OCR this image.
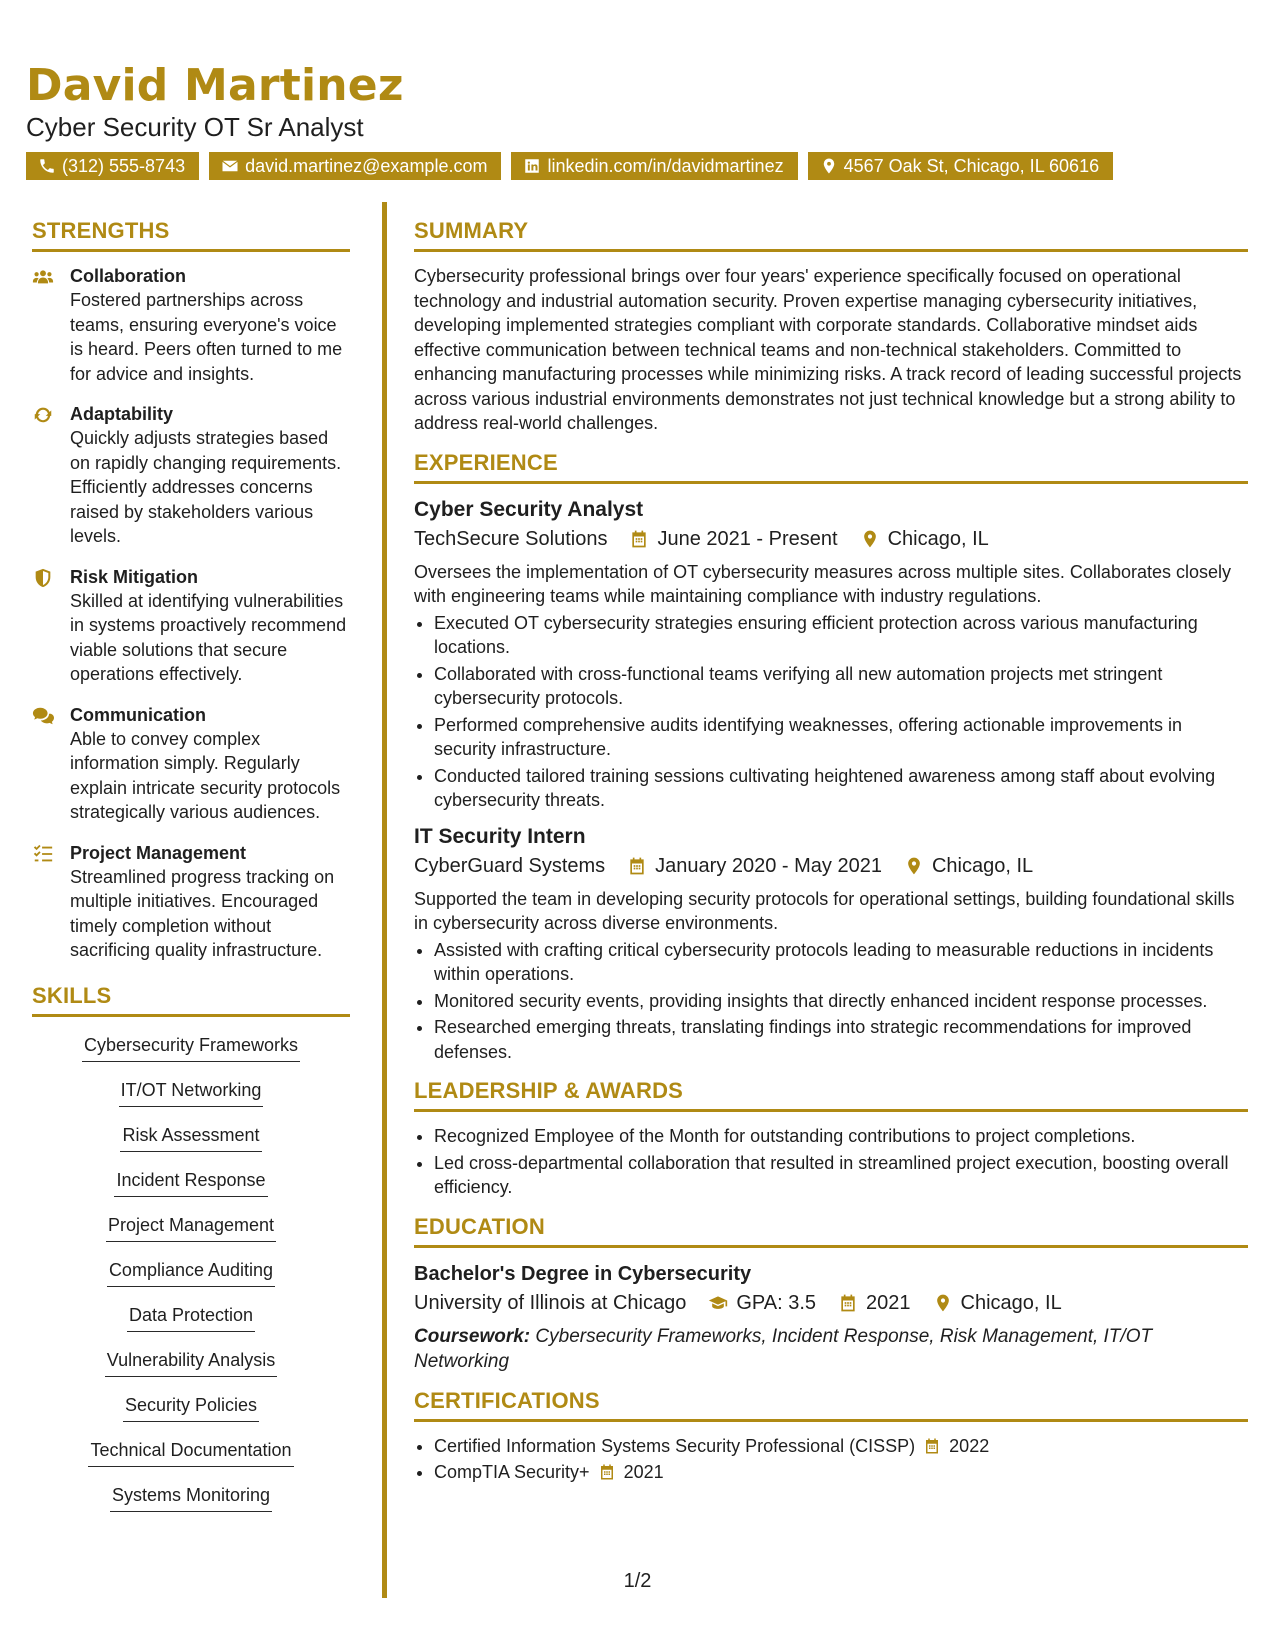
David Martinez
Cyber Security OT Sr Analyst
(312) 555-8743	david.martinez@example.com	linkedin.com/in/davidmartinez	4567 Oak St, Chicago, IL 60616
STRENGTHS
Collaboration
Fostered partnerships across teams, ensuring everyone's voice is heard. Peers often turned to me for advice and insights.
Adaptability
Quickly adjusts strategies based on rapidly changing requirements. Efficiently addresses concerns raised by stakeholders various levels.
Risk Mitigation
Skilled at identifying vulnerabilities in systems proactively recommend viable solutions that secure operations effectively.
Communication
Able to convey complex information simply. Regularly explain intricate security protocols strategically various audiences.
Project Management
Streamlined progress tracking on multiple initiatives. Encouraged timely completion without sacrificing quality infrastructure.
SKILLS
Cybersecurity Frameworks
IT/OT Networking
Risk Assessment
Incident Response
Project Management
Compliance Auditing
Data Protection
Vulnerability Analysis
Security Policies
Technical Documentation
Systems Monitoring
SUMMARY

Cybersecurity professional brings over four years' experience specifically focused on operational technology and industrial automation security. Proven expertise managing cybersecurity initiatives, developing implemented strategies compliant with corporate standards. Collaborative mindset aids effective communication between technical teams and non-technical stakeholders. Committed to enhancing manufacturing processes while minimizing risks. A track record of leading successful projects across various industrial environments demonstrates not just technical knowledge but a strong ability to address real-world challenges.

EXPERIENCE
Cyber Security Analyst
TechSecure Solutions	June 2021 - Present	Chicago, IL

Oversees the implementation of OT cybersecurity measures across multiple sites. Collaborates closely with engineering teams while maintaining compliance with industry regulations.

• Executed OT cybersecurity strategies ensuring efficient protection across various manufacturing locations.
• Collaborated with cross-functional teams verifying all new automation projects met stringent cybersecurity protocols.
• Performed comprehensive audits identifying weaknesses, offering actionable improvements in security infrastructure.
• Conducted tailored training sessions cultivating heightened awareness among staff about evolving cybersecurity threats.
IT Security Intern
CyberGuard Systems	January 2020 - May 2021	Chicago, IL

Supported the team in developing security protocols for operational settings, building foundational skills in cybersecurity across diverse environments.

• Assisted with crafting critical cybersecurity protocols leading to measurable reductions in incidents within operations.
• Monitored security events, providing insights that directly enhanced incident response processes.
• Researched emerging threats, translating findings into strategic recommendations for improved defenses.
LEADERSHIP & AWARDS
• Recognized Employee of the Month for outstanding contributions to project completions.
• Led cross-departmental collaboration that resulted in streamlined project execution, boosting overall efficiency.
EDUCATION
Bachelor's Degree in Cybersecurity
University of Illinois at Chicago	GPA: 3.5	2021	Chicago, IL
Coursework: Cybersecurity Frameworks, Incident Response, Risk Management, IT/OT Networking
CERTIFICATIONS
• Certified Information Systems Security Professional (CISSP) 2022
• CompTIA Security+ 2021
1/2
